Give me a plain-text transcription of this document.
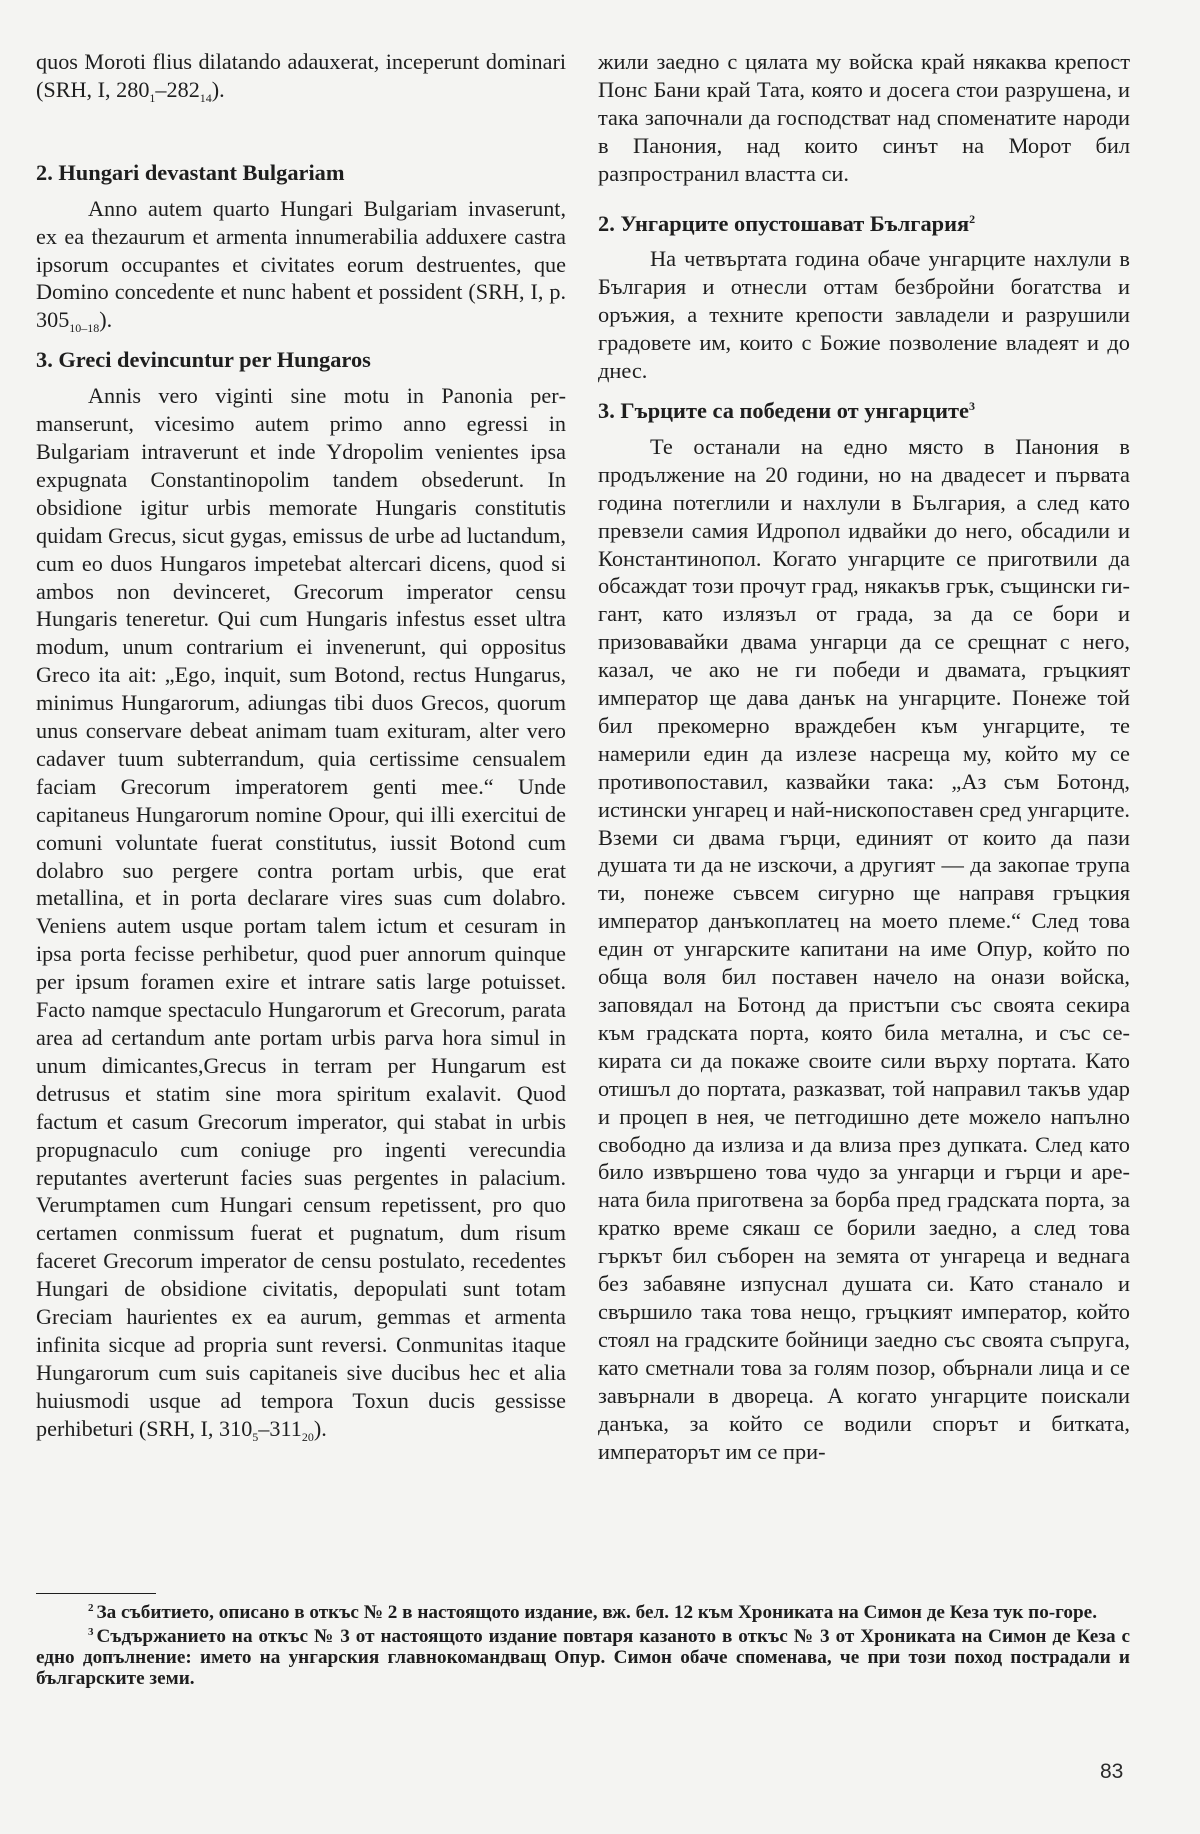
quos Moroti flius dilatando adauxerat, inceperunt dominari (SRH, I, $280_1-282_{14}$).

2. Hungari devastant Bulgariam

Anno autem quarto Hungari Bulgariam invaserunt, ex ea thezaurum et armenta innumerabilia adduxere castra ipsorum occupantes et civitates eorum destruentes, que Domino concedente et nunc habent et possident (SRH, I, p. $305_{10-18}$).

3. Greci devincuntur per Hungaros

Annis vero viginti sine motu in Panonia permanserunt, vicesimo autem primo anno egressi in Bulgariam intraverunt et inde Ydropolim venientes ipsa expugnata Constantinopolim tandem obsederunt. In obsidione igitur urbis memorate Hungaris constitutis quidam Grecus, sicut gygas, emissus de urbe ad luctandum, cum eo duos Hungaros impetebat altercari dicens, quod si ambos non devinceret, Grecorum imperator censu Hungaris teneretur. Qui cum Hungaris infestus esset ultra modum, unum contrarium ei invenerunt, qui oppositus Greco ita ait: „Ego, inquit, sum Botond, rectus Hungarus, minimus Hungarorum, adiungas tibi duos Grecos, quorum unus conservare debeat animam tuam exituram, alter vero cadaver tuum subterrandum, quia certissime censualem faciam Grecorum imperatorem genti mee.“ Unde capitaneus Hungarorum nomine Opour, qui illi exercitui de comuni voluntate fuerat constitutus, iussit Botond cum dolabro suo pergere contra portam urbis, que erat metallina, et in porta declarare vires suas cum dolabro. Veniens autem usque portam talem ictum et cesuram in ipsa porta fecisse perhibetur, quod puer annorum quinque per ipsum foramen exire et intrare satis large potuisset. Facto namque spectaculo Hungarorum et Grecorum, parata area ad certandum ante portam urbis parva hora simul in unum dimicantes,Grecus in terram per Hungarum est detrusus et statim sine mora spiritum exalavit. Quod factum et casum Grecorum imperator, qui stabat in urbis propugnaculo cum coniuge pro ingenti verecundia reputantes averterunt facies suas pergentes in palacium. Verumptamen cum Hungari censum repetissent, pro quo certamen conmissum fuerat et pugnatum, dum risum faceret Grecorum imperator de censu postulato, recedentes Hungari de obsidione civitatis, depopulati sunt totam Greciam haurientes ex ea aurum, gemmas et armenta infinita sicque ad propria sunt reversi. Conmunitas itaque Hungarorum cum suis capitaneis sive ducibus hec et alia huiusmodi usque ad tempora Toxun ducis gessisse perhibeturi (SRH, I, $310_5-311_{20}$).

жили заедно с цялата му войска край някаква крепост Понс Бани край Тата, която и досега стои разрушена, и така започнали да господстват над споменатите народи в Панония, над които синът на Морот бил разпространил властта си.

2. Унгарците опустошават България$^2$

На четвъртата година обаче унгарците нахлули в България и отнесли оттам безбройни богатства и оръжия, а техните крепости завладели и разрушили градовете им, които с Божие позволение владеят и до днес.

3. Гърците са победени от унгарците$^3$

Те останали на едно място в Панония в продължение на 20 години, но на двадесет и първата година потеглили и нахлули в България, а след като превзели самия Идропол идвайки до него, обсадили и Константинопол. Когато унгарците се приготвили да обсаждат този прочут град, някакъв грък, същински гигант, като излязъл от града, за да се бори и призовавайки двама унгарци да се срещнат с него, казал, че ако не ги победи и двамата, гръцкият император ще дава данък на унгарците. Понеже той бил прекомерно враждебен към унгарците, те намерили един да излезе насреща му, който му се противопоставил, казвайки така: „Аз съм Ботонд, истински унгарец и най-нископоставен сред унгарците. Вземи си двама гърци, единият от които да пази душата ти да не изскочи, а другият — да закопае трупа ти, понеже съвсем сигурно ще направя гръцкия император данъкоплатец на моето племе.“ След това един от унгарските капитани на име Опур, който по обща воля бил поставен начело на онази войска, заповядал на Ботонд да пристъпи със своята секира към градската порта, която била метална, и със секирата си да покаже своите сили върху портата. Като отишъл до портата, разказват, той направил такъв удар и процеп в нея, че петгодишно дете можело напълно свободно да излиза и да влиза през дупката. След като било извършено това чудо за унгарци и гърци и арената била приготвена за борба пред градската порта, за кратко време сякаш се борили заедно, а след това гъркът бил съборен на земята от унгареца и веднага без забавяне изпуснал душата си. Като станало и свършило така това нещо, гръцкият император, който стоял на градските бойници заедно със своята съпруга, като сметнали това за голям позор, обърнали лица и се завърнали в двореца. А когато унгарците поискали данъка, за който се водили спорът и битката, императорът им се при-

$^2$ За събитието, описано в откъс № 2 в настоящото издание, вж. бел. 12 към Хрониката на Симон де Кеза тук по-горе.

$^3$ Съдържанието на откъс № 3 от настоящото издание повтаря казаното в откъс № 3 от Хрониката на Симон де Кеза с едно допълнение: името на унгарския главнокомандващ Опур. Симон обаче споменава, че при този поход пострадали и българските земи.

83
